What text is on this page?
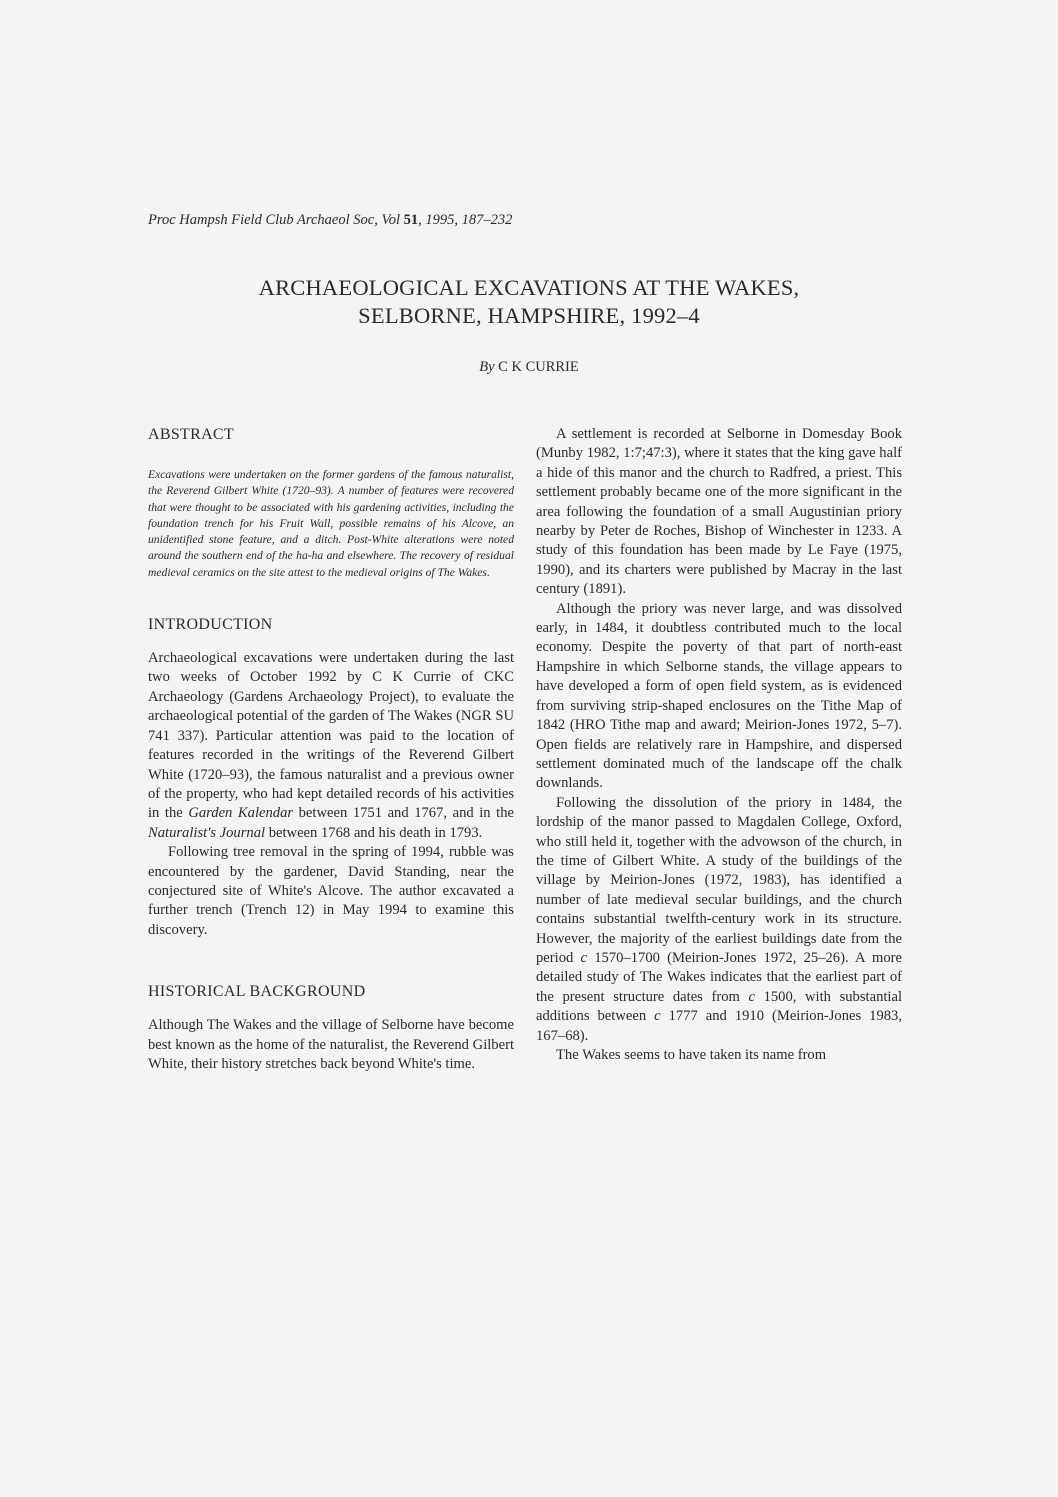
Proc Hampsh Field Club Archaeol Soc, Vol 51, 1995, 187–232
ARCHAEOLOGICAL EXCAVATIONS AT THE WAKES,
SELBORNE, HAMPSHIRE, 1992–4
By C K CURRIE
ABSTRACT

Excavations were undertaken on the former gardens of the famous naturalist, the Reverend Gilbert White (1720–93). A number of features were recovered that were thought to be associated with his gardening activities, including the foundation trench for his Fruit Wall, possible remains of his Alcove, an unidentified stone feature, and a ditch. Post-White alterations were noted around the southern end of the ha-ha and elsewhere. The recovery of residual medieval ceramics on the site attest to the medieval origins of The Wakes.

INTRODUCTION

Archaeological excavations were undertaken during the last two weeks of October 1992 by C K Currie of CKC Archaeology (Gardens Archaeology Project), to evaluate the archaeological potential of the garden of The Wakes (NGR SU 741 337). Particular attention was paid to the location of features recorded in the writings of the Reverend Gilbert White (1720–93), the famous naturalist and a previous owner of the property, who had kept detailed records of his activities in the Garden Kalendar between 1751 and 1767, and in the Naturalist's Journal between 1768 and his death in 1793.

Following tree removal in the spring of 1994, rubble was encountered by the gardener, David Standing, near the conjectured site of White's Alcove. The author excavated a further trench (Trench 12) in May 1994 to examine this discovery.

HISTORICAL BACKGROUND

Although The Wakes and the village of Selborne have become best known as the home of the naturalist, the Reverend Gilbert White, their history stretches back beyond White's time.

A settlement is recorded at Selborne in Domesday Book (Munby 1982, 1:7;47:3), where it states that the king gave half a hide of this manor and the church to Radfred, a priest. This settlement probably became one of the more significant in the area following the foundation of a small Augustinian priory nearby by Peter de Roches, Bishop of Winchester in 1233. A study of this foundation has been made by Le Faye (1975, 1990), and its charters were published by Macray in the last century (1891).

Although the priory was never large, and was dissolved early, in 1484, it doubtless contributed much to the local economy. Despite the poverty of that part of north-east Hampshire in which Selborne stands, the village appears to have developed a form of open field system, as is evidenced from surviving strip-shaped enclosures on the Tithe Map of 1842 (HRO Tithe map and award; Meirion-Jones 1972, 5–7). Open fields are relatively rare in Hampshire, and dispersed settlement dominated much of the landscape off the chalk downlands.

Following the dissolution of the priory in 1484, the lordship of the manor passed to Magdalen College, Oxford, who still held it, together with the advowson of the church, in the time of Gilbert White. A study of the buildings of the village by Meirion-Jones (1972, 1983), has identified a number of late medieval secular buildings, and the church contains substantial twelfth-century work in its structure. However, the majority of the earliest buildings date from the period c 1570–1700 (Meirion-Jones 1972, 25–26). A more detailed study of The Wakes indicates that the earliest part of the present structure dates from c 1500, with substantial additions between c 1777 and 1910 (Meirion-Jones 1983, 167–68).

The Wakes seems to have taken its name from
